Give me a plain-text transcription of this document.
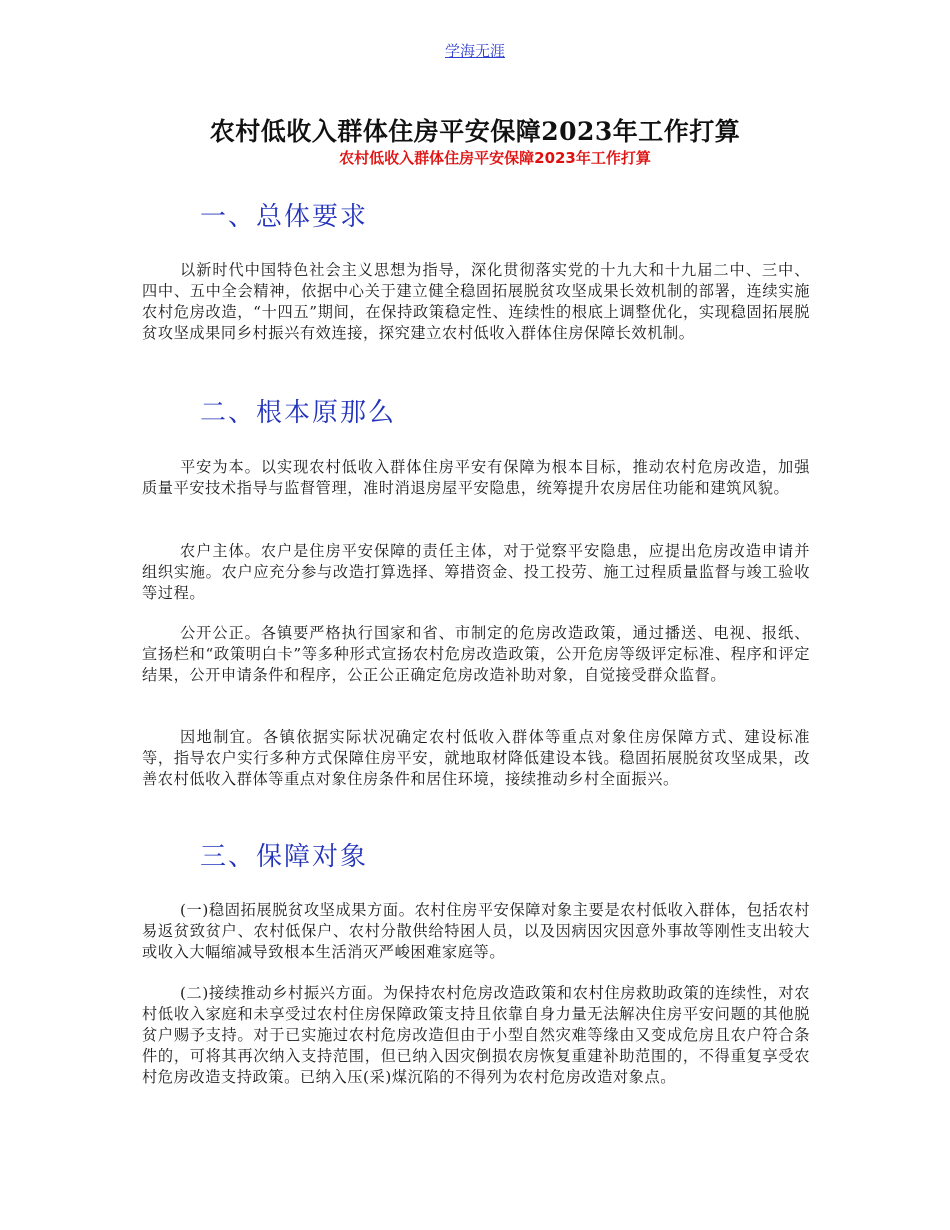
学海无涯
农村低收入群体住房平安保障2023年工作打算
农村低收入群体住房平安保障2023年工作打算
一、总体要求

以新时代中国特色社会主义思想为指导，深化贯彻落实党的十九大和十九届二中、三中、四中、五中全会精神，依据中心关于建立健全稳固拓展脱贫攻坚成果长效机制的部署，连续实施农村危房改造，“十四五”期间，在保持政策稳定性、连续性的根底上调整优化，实现稳固拓展脱贫攻坚成果同乡村振兴有效连接，探究建立农村低收入群体住房保障长效机制。

二、根本原那么

平安为本。以实现农村低收入群体住房平安有保障为根本目标，推动农村危房改造，加强质量平安技术指导与监督管理，准时消退房屋平安隐患，统筹提升农房居住功能和建筑风貌。

农户主体。农户是住房平安保障的责任主体，对于觉察平安隐患，应提出危房改造申请并组织实施。农户应充分参与改造打算选择、筹措资金、投工投劳、施工过程质量监督与竣工验收等过程。

公开公正。各镇要严格执行国家和省、市制定的危房改造政策，通过播送、电视、报纸、宣扬栏和“政策明白卡”等多种形式宣扬农村危房改造政策，公开危房等级评定标准、程序和评定结果，公开申请条件和程序，公正公正确定危房改造补助对象，自觉接受群众监督。

因地制宜。各镇依据实际状况确定农村低收入群体等重点对象住房保障方式、建设标准等，指导农户实行多种方式保障住房平安，就地取材降低建设本钱。稳固拓展脱贫攻坚成果，改善农村低收入群体等重点对象住房条件和居住环境，接续推动乡村全面振兴。

三、保障对象

(一)稳固拓展脱贫攻坚成果方面。农村住房平安保障对象主要是农村低收入群体，包括农村易返贫致贫户、农村低保户、农村分散供给特困人员，以及因病因灾因意外事故等刚性支出较大或收入大幅缩减导致根本生活消灭严峻困难家庭等。

(二)接续推动乡村振兴方面。为保持农村危房改造政策和农村住房救助政策的连续性，对农村低收入家庭和未享受过农村住房保障政策支持且依靠自身力量无法解决住房平安问题的其他脱贫户赐予支持。对于已实施过农村危房改造但由于小型自然灾难等缘由又变成危房且农户符合条件的，可将其再次纳入支持范围，但已纳入因灾倒损农房恢复重建补助范围的，不得重复享受农村危房改造支持政策。已纳入压(采)煤沉陷的不得列为农村危房改造对象点。
